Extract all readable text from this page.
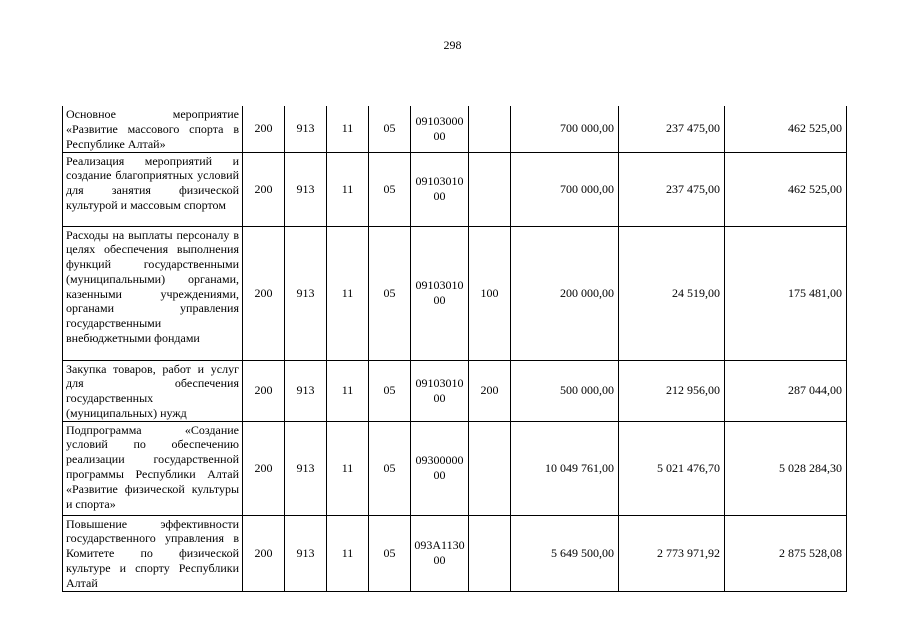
298
Основное мероприятие «Развитие массового спорта в Республике Алтай»	200	913	11	05	0910300000		700 000,00	237 475,00	462 525,00
Реализация мероприятий и создание благоприятных условий для занятия физической культурой и массовым спортом	200	913	11	05	0910301000		700 000,00	237 475,00	462 525,00
Расходы на выплаты персоналу в целях обеспечения выполнения функций государственными (муниципальными) органами, казенными учреждениями, органами управления государственными внебюджетными фондами	200	913	11	05	0910301000	100	200 000,00	24 519,00	175 481,00
Закупка товаров, работ и услуг для обеспечения государственных (муниципальных) нужд	200	913	11	05	0910301000	200	500 000,00	212 956,00	287 044,00
Подпрограмма «Создание условий по обеспечению реализации государственной программы Республики Алтай «Развитие физической культуры и спорта»	200	913	11	05	0930000000		10 049 761,00	5 021 476,70	5 028 284,30
Повышение эффективности государственного управления в Комитете по физической культуре и спорту Республики Алтай	200	913	11	05	093А113000		5 649 500,00	2 773 971,92	2 875 528,08
